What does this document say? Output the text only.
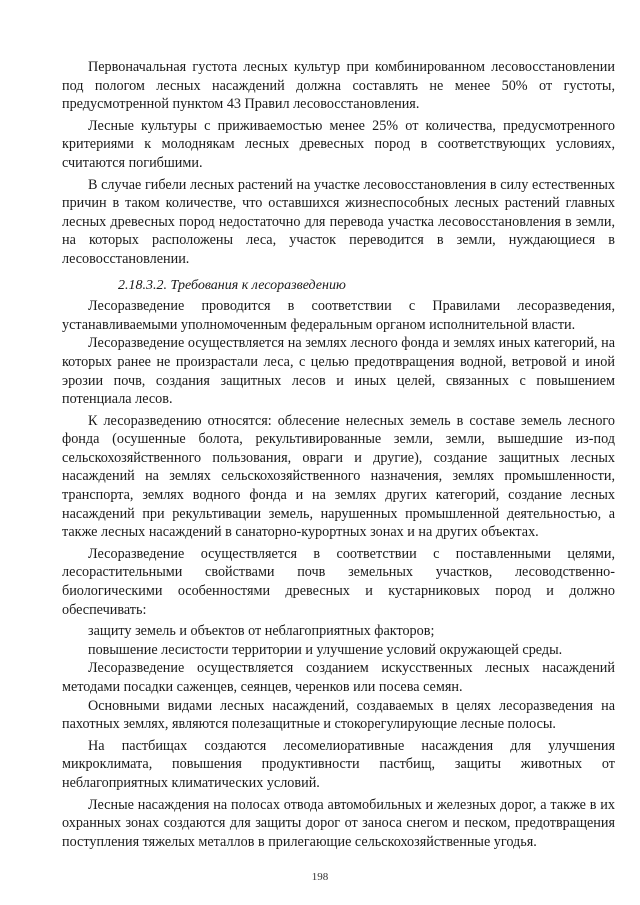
Первоначальная густота лесных культур при комбинированном лесовосстановлении под пологом лесных насаждений должна составлять не менее 50% от густоты, предусмотренной пунктом 43 Правил лесовосстановления.

Лесные культуры с приживаемостью менее 25% от количества, предусмотренного критериями к молоднякам лесных древесных пород в соответствующих условиях, считаются погибшими.

В случае гибели лесных растений на участке лесовосстановления в силу естественных причин в таком количестве, что оставшихся жизнеспособных лесных растений главных лесных древесных пород недостаточно для перевода участка лесовосстановления в земли, на которых расположены леса, участок переводится в земли, нуждающиеся в лесовосстановлении.

2.18.3.2. Требования к лесоразведению

Лесоразведение проводится в соответствии с Правилами лесоразведения, устанавливаемыми уполномоченным федеральным органом исполнительной власти.

Лесоразведение осуществляется на землях лесного фонда и землях иных категорий, на которых ранее не произрастали леса, с целью предотвращения водной, ветровой и иной эрозии почв, создания защитных лесов и иных целей, связанных с повышением потенциала лесов.

К лесоразведению относятся: облесение нелесных земель в составе земель лесного фонда (осушенные болота, рекультивированные земли, земли, вышедшие из-под сельскохозяйственного пользования, овраги и другие), создание защитных лесных насаждений на землях сельскохозяйственного назначения, землях промышленности, транспорта, землях водного фонда и на землях других категорий, создание лесных насаждений при рекультивации земель, нарушенных промышленной деятельностью, а также лесных насаждений в санаторно-курортных зонах и на других объектах.

Лесоразведение осуществляется в соответствии с поставленными целями, лесорастительными свойствами почв земельных участков, лесоводственно-биологическими особенностями древесных и кустарниковых пород и должно обеспечивать:

защиту земель и объектов от неблагоприятных факторов;

повышение лесистости территории и улучшение условий окружающей среды.

Лесоразведение осуществляется созданием искусственных лесных насаждений методами посадки саженцев, сеянцев, черенков или посева семян.

Основными видами лесных насаждений, создаваемых в целях лесоразведения на пахотных землях, являются полезащитные и стокорегулирующие лесные полосы.

На пастбищах создаются лесомелиоративные насаждения для улучшения микроклимата, повышения продуктивности пастбищ, защиты животных от неблагоприятных климатических условий.

Лесные насаждения на полосах отвода автомобильных и железных дорог, а также в их охранных зонах создаются для защиты дорог от заноса снегом и песком, предотвращения поступления тяжелых металлов в прилегающие сельскохозяйственные угодья.

198
